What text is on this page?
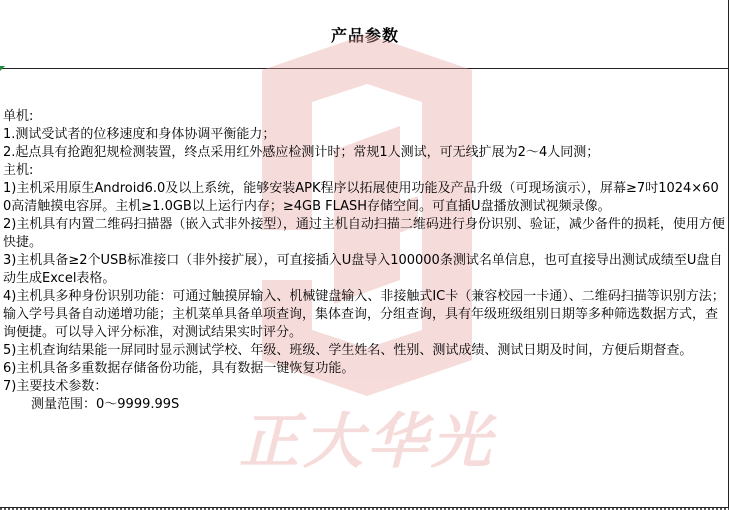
产品参数
正大华光
单机:
1.测试受试者的位移速度和身体协调平衡能力；
2.起点具有抢跑犯规检测装置，终点采用红外感应检测计时；常规1人测试，可无线扩展为2～4人同测；
主机:
1)主机采用原生Android6.0及以上系统，能够安装APK程序以拓展使用功能及产品升级（可现场演示），屏幕≥7吋1024×600高清触摸电容屏。主机≥1.0GB以上运行内存；≥4GB FLASH存储空间。可直插U盘播放测试视频录像。
2)主机具有内置二维码扫描器（嵌入式非外接型），通过主机自动扫描二维码进行身份识别、验证，减少备件的损耗，使用方便快捷。
3)主机具备≥2个USB标准接口（非外接扩展），可直接插入U盘导入100000条测试名单信息，也可直接导出测试成绩至U盘自动生成Excel表格。
4)主机具多种身份识别功能：可通过触摸屏输入、机械键盘输入、非接触式IC卡（兼容校园一卡通）、二维码扫描等识别方法；输入学号具备自动递增功能；主机菜单具备单项查询，集体查询，分组查询，具有年级班级组别日期等多种筛选数据方式，查询便捷。可以导入评分标准，对测试结果实时评分。
5)主机查询结果能一屏同时显示测试学校、年级、班级、学生姓名、性别、测试成绩、测试日期及时间，方便后期督查。
6)主机具备多重数据存储备份功能，具有数据一键恢复功能。
7)主要技术参数：
测量范围：0～9999.99S
